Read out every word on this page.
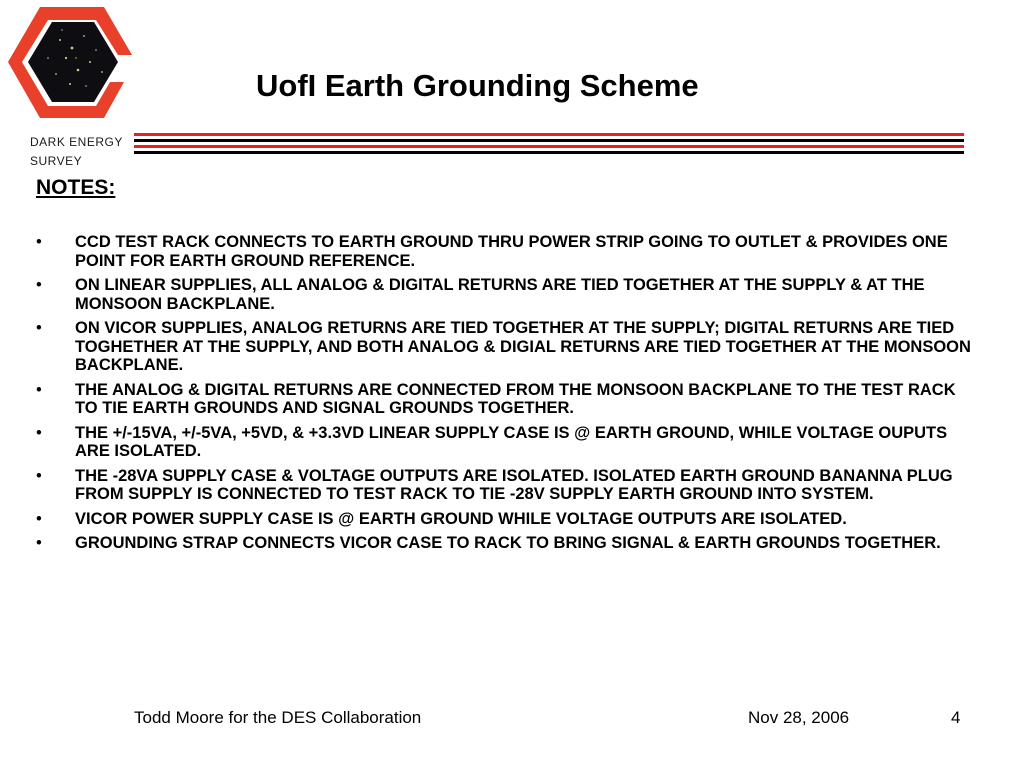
DARK ENERGY
SURVEY
UofI Earth Grounding Scheme
NOTES:
• CCD TEST RACK CONNECTS TO EARTH GROUND THRU POWER STRIP GOING TO OUTLET & PROVIDES ONE POINT FOR EARTH GROUND REFERENCE.
• ON LINEAR SUPPLIES, ALL ANALOG & DIGITAL RETURNS ARE TIED TOGETHER AT THE SUPPLY & AT THE MONSOON BACKPLANE.
• ON VICOR SUPPLIES, ANALOG RETURNS ARE TIED TOGETHER AT THE SUPPLY; DIGITAL RETURNS ARE TIED TOGHETHER AT THE SUPPLY, AND BOTH ANALOG & DIGIAL RETURNS ARE TIED TOGETHER AT THE MONSOON BACKPLANE.
• THE ANALOG & DIGITAL RETURNS ARE CONNECTED FROM THE MONSOON BACKPLANE TO THE TEST RACK TO TIE EARTH GROUNDS AND SIGNAL GROUNDS TOGETHER.
• THE +/-15VA, +/-5VA, +5VD, & +3.3VD LINEAR SUPPLY CASE IS @ EARTH GROUND, WHILE VOLTAGE OUPUTS ARE ISOLATED.
• THE -28VA SUPPLY CASE & VOLTAGE OUTPUTS ARE ISOLATED. ISOLATED EARTH GROUND BANANNA PLUG FROM SUPPLY IS CONNECTED TO TEST RACK TO TIE -28V SUPPLY EARTH GROUND INTO SYSTEM.
• VICOR POWER SUPPLY CASE IS @ EARTH GROUND WHILE VOLTAGE OUTPUTS ARE ISOLATED.
• GROUNDING STRAP CONNECTS VICOR CASE TO RACK TO BRING SIGNAL & EARTH GROUNDS TOGETHER.
Todd Moore for the DES Collaboration	Nov 28, 2006	4
